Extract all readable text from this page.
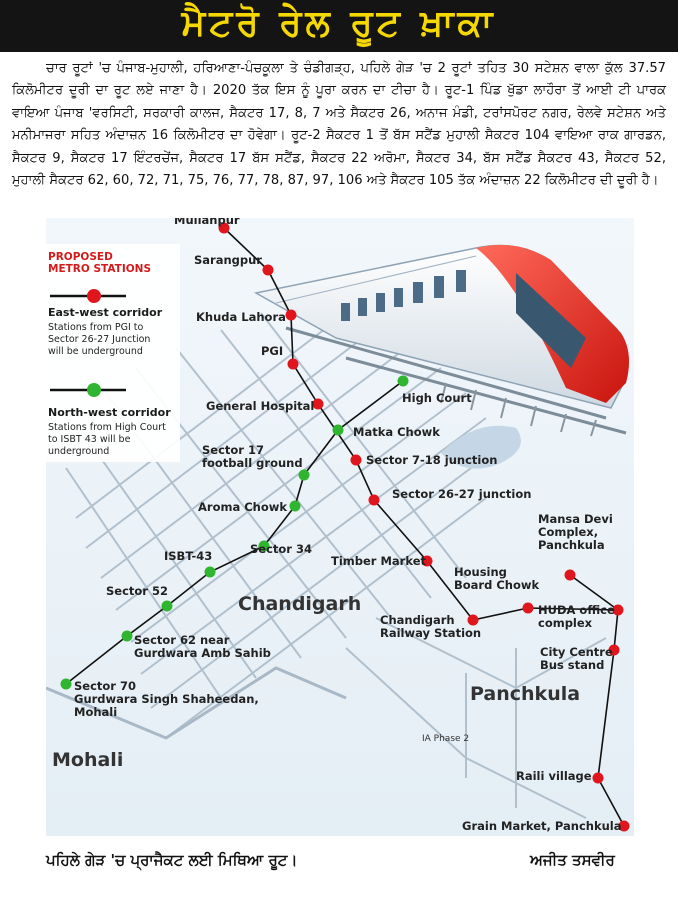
ਮੈਟਰੋ ਰੇਲ ਰੂਟ ਖ਼ਾਕਾ
ਚਾਰ ਰੂਟਾਂ 'ਚ ਪੰਜਾਬ-ਮੁਹਾਲੀ, ਹਰਿਆਣਾ-ਪੰਚਕੂਲਾ ਤੇ ਚੰਡੀਗੜ੍ਹ, ਪਹਿਲੇ ਗੇੜ 'ਚ 2 ਰੂਟਾਂ ਤਹਿਤ 30 ਸਟੇਸ਼ਨ ਵਾਲਾ ਕੁੱਲ 37.57 ਕਿਲੋਮੀਟਰ ਦੂਰੀ ਦਾ ਰੂਟ ਲਏ ਜਾਣਾ ਹੈ। 2020 ਤੱਕ ਇਸ ਨੂੰ ਪੂਰਾ ਕਰਨ ਦਾ ਟੀਚਾ ਹੈ। ਰੂਟ-1 ਪਿੰਡ ਖੁੱਡਾ ਲਾਹੌਰਾ ਤੋਂ ਆਈ ਟੀ ਪਾਰਕ ਵਾਇਆ ਪੰਜਾਬ 'ਵਰਸਿਟੀ, ਸਰਕਾਰੀ ਕਾਲਜ, ਸੈਕਟਰ 17, 8, 7 ਅਤੇ ਸੈਕਟਰ 26, ਅਨਾਜ ਮੰਡੀ, ਟਰਾਂਸਪੋਰਟ ਨਗਰ, ਰੇਲਵੇ ਸਟੇਸ਼ਨ ਅਤੇ ਮਨੀਮਾਜਰਾ ਸਹਿਤ ਅੰਦਾਜ਼ਨ 16 ਕਿਲੋਮੀਟਰ ਦਾ ਹੋਵੇਗਾ। ਰੂਟ-2 ਸੈਕਟਰ 1 ਤੋਂ ਬੱਸ ਸਟੈਂਡ ਮੁਹਾਲੀ ਸੈਕਟਰ 104 ਵਾਇਆ ਰਾਕ ਗਾਰਡਨ, ਸੈਕਟਰ 9, ਸੈਕਟਰ 17 ਇੰਟਰਚੇਂਜ, ਸੈਕਟਰ 17 ਬੱਸ ਸਟੈਂਡ, ਸੈਕਟਰ 22 ਅਰੋਮਾ, ਸੈਕਟਰ 34, ਬੱਸ ਸਟੈਂਡ ਸੈਕਟਰ 43, ਸੈਕਟਰ 52, ਮੁਹਾਲੀ ਸੈਕਟਰ 62, 60, 72, 71, 75, 76, 77, 78, 87, 97, 106 ਅਤੇ ਸੈਕਟਰ 105 ਤੱਕ ਅੰਦਾਜ਼ਨ 22 ਕਿਲੋਮੀਟਰ ਦੀ ਦੂਰੀ ਹੈ।
PROPOSED
METRO STATIONS
East-west corridor
Stations from PGI to
Sector 26-27 Junction
will be underground
North-west corridor
Stations from High Court
to ISBT 43 will be
underground
Chandigarh
Panchkula
Mohali
IA Phase 2
Mullanpur
Sarangpur
Khuda Lahora
PGI
General Hospital
Sector 7-18 junction
Sector 26-27 junction
Timber Market
Chandigarh
Railway Station
Housing
Board Chowk
Mansa Devi
Complex,
Panchkula
HUDA office
complex
City Centre
Bus stand
Raili village
Grain Market, Panchkula
High Court
Matka Chowk
Sector 17
football ground
Aroma Chowk
Sector 34
ISBT-43
Sector 52
Sector 62 near
Gurdwara Amb Sahib
Sector 70
Gurdwara Singh Shaheedan,
Mohali
ਪਹਿਲੇ ਗੇੜ 'ਚ ਪ੍ਰਾਜੈਕਟ ਲਈ ਮਿਥਿਆ ਰੂਟ।	ਅਜੀਤ ਤਸਵੀਰ
